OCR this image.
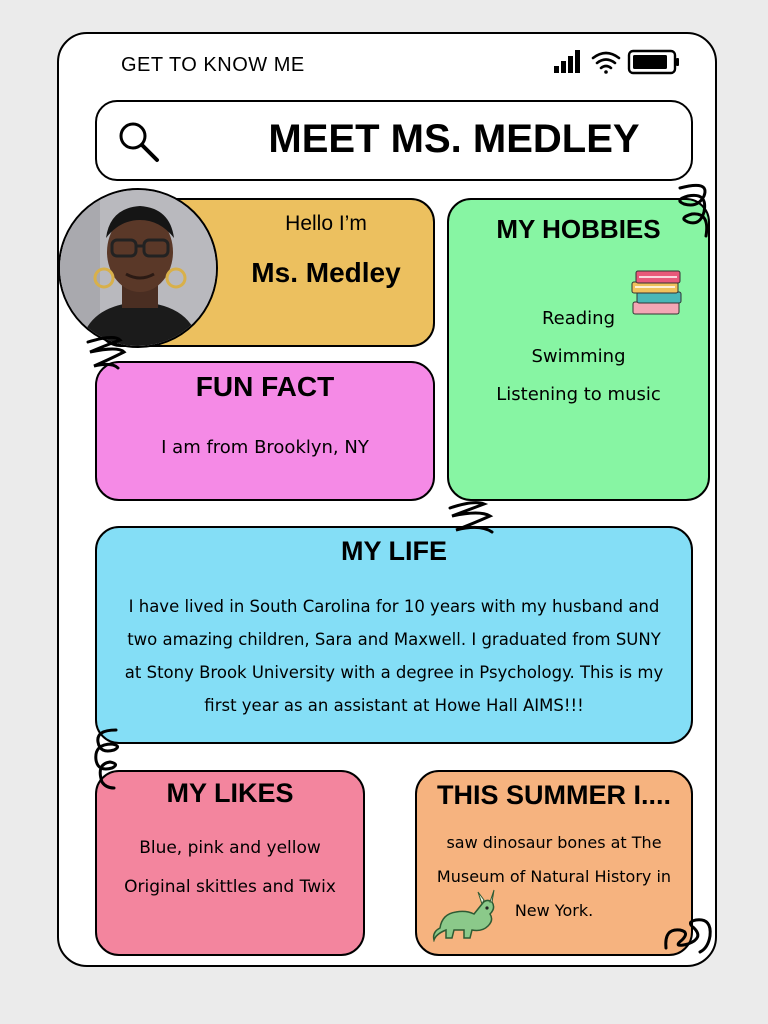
GET TO KNOW ME
MEET MS. MEDLEY
Hello I’m
Ms. Medley
FUN FACT
I am from Brooklyn, NY
MY HOBBIES
Reading
Swimming
Listening to music
MY LIFE
I have lived in South Carolina for 10 years with my husband and two amazing children, Sara and Maxwell. I graduated from SUNY at Stony Brook University with a degree in Psychology. This is my first year as an assistant at Howe Hall AIMS!!!
MY LIKES
Blue, pink and yellow
Original skittles and Twix
THIS SUMMER I....
saw dinosaur bones at The Museum of Natural History in New York.
